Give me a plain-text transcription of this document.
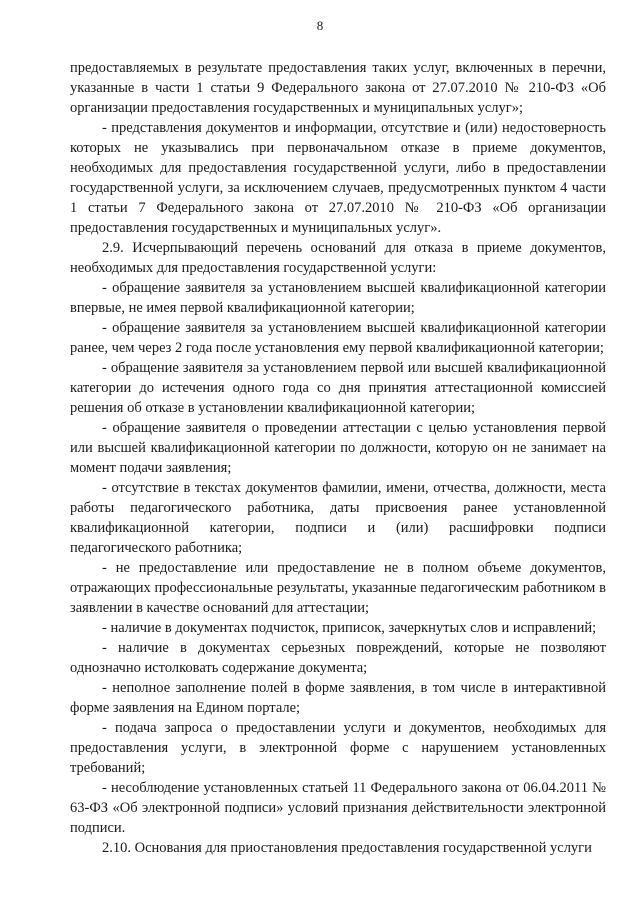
8

предоставляемых в результате предоставления таких услуг, включенных в перечни, указанные в части 1 статьи 9 Федерального закона от 27.07.2010 № 210-ФЗ «Об организации предоставления государственных и муниципальных услуг»;

- представления документов и информации, отсутствие и (или) недостоверность которых не указывались при первоначальном отказе в приеме документов, необходимых для предоставления государственной услуги, либо в предоставлении государственной услуги, за исключением случаев, предусмотренных пунктом 4 части 1 статьи 7 Федерального закона от 27.07.2010 № 210-ФЗ «Об организации предоставления государственных и муниципальных услуг».

2.9. Исчерпывающий перечень оснований для отказа в приеме документов, необходимых для предоставления государственной услуги:

- обращение заявителя за установлением высшей квалификационной категории впервые, не имея первой квалификационной категории;

- обращение заявителя за установлением высшей квалификационной категории ранее, чем через 2 года после установления ему первой квалификационной категории;

- обращение заявителя за установлением первой или высшей квалификационной категории до истечения одного года со дня принятия аттестационной комиссией решения об отказе в установлении квалификационной категории;

- обращение заявителя о проведении аттестации с целью установления первой или высшей квалификационной категории по должности, которую он не занимает на момент подачи заявления;

- отсутствие в текстах документов фамилии, имени, отчества, должности, места работы педагогического работника, даты присвоения ранее установленной квалификационной категории, подписи и (или) расшифровки подписи педагогического работника;

- не предоставление или предоставление не в полном объеме документов, отражающих профессиональные результаты, указанные педагогическим работником в заявлении в качестве оснований для аттестации;

- наличие в документах подчисток, приписок, зачеркнутых слов и исправлений;

- наличие в документах серьезных повреждений, которые не позволяют однозначно истолковать содержание документа;

- неполное заполнение полей в форме заявления, в том числе в интерактивной форме заявления на Едином портале;

- подача запроса о предоставлении услуги и документов, необходимых для предоставления услуги, в электронной форме с нарушением установленных требований;

- несоблюдение установленных статьей 11 Федерального закона от 06.04.2011 № 63-ФЗ «Об электронной подписи» условий признания действительности электронной подписи.

2.10. Основания для приостановления предоставления государственной услуги
